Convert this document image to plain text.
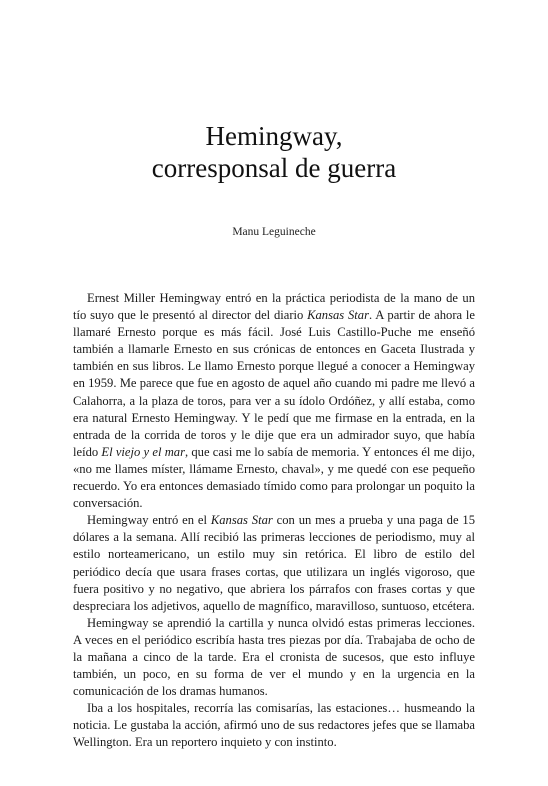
Hemingway,
corresponsal de guerra
Manu Leguineche

Ernest Miller Hemingway entró en la práctica periodista de la mano de un tío suyo que le presentó al director del diario Kansas Star. A partir de ahora le llamaré Ernesto porque es más fácil. José Luis Castillo-Puche me enseñó también a llamarle Ernesto en sus crónicas de entonces en Gaceta Ilustrada y también en sus libros. Le llamo Ernesto porque llegué a conocer a Hemingway en 1959. Me parece que fue en agosto de aquel año cuando mi padre me llevó a Calahorra, a la plaza de toros, para ver a su ídolo Ordóñez, y allí estaba, como era natural Ernesto Hemingway. Y le pedí que me firmase en la entrada, en la entrada de la corrida de toros y le dije que era un admirador suyo, que había leído El viejo y el mar, que casi me lo sabía de memoria. Y entonces él me dijo, «no me llames míster, llámame Ernesto, chaval», y me quedé con ese pequeño recuerdo. Yo era entonces demasiado tímido como para prolongar un poquito la conversación.

Hemingway entró en el Kansas Star con un mes a prueba y una paga de 15 dólares a la semana. Allí recibió las primeras lecciones de periodismo, muy al estilo norteamericano, un estilo muy sin retórica. El libro de estilo del periódico decía que usara frases cortas, que utilizara un inglés vigoroso, que fuera positivo y no negativo, que abriera los párrafos con frases cortas y que despreciara los adjetivos, aquello de magnífico, maravilloso, suntuoso, etcétera.

Hemingway se aprendió la cartilla y nunca olvidó estas primeras lecciones. A veces en el periódico escribía hasta tres piezas por día. Trabajaba de ocho de la mañana a cinco de la tarde. Era el cronista de sucesos, que esto influye también, un poco, en su forma de ver el mundo y en la urgencia en la comunicación de los dramas humanos.

Iba a los hospitales, recorría las comisarías, las estaciones… husmeando la noticia. Le gustaba la acción, afirmó uno de sus redactores jefes que se llamaba Wellington. Era un reportero inquieto y con instinto.
